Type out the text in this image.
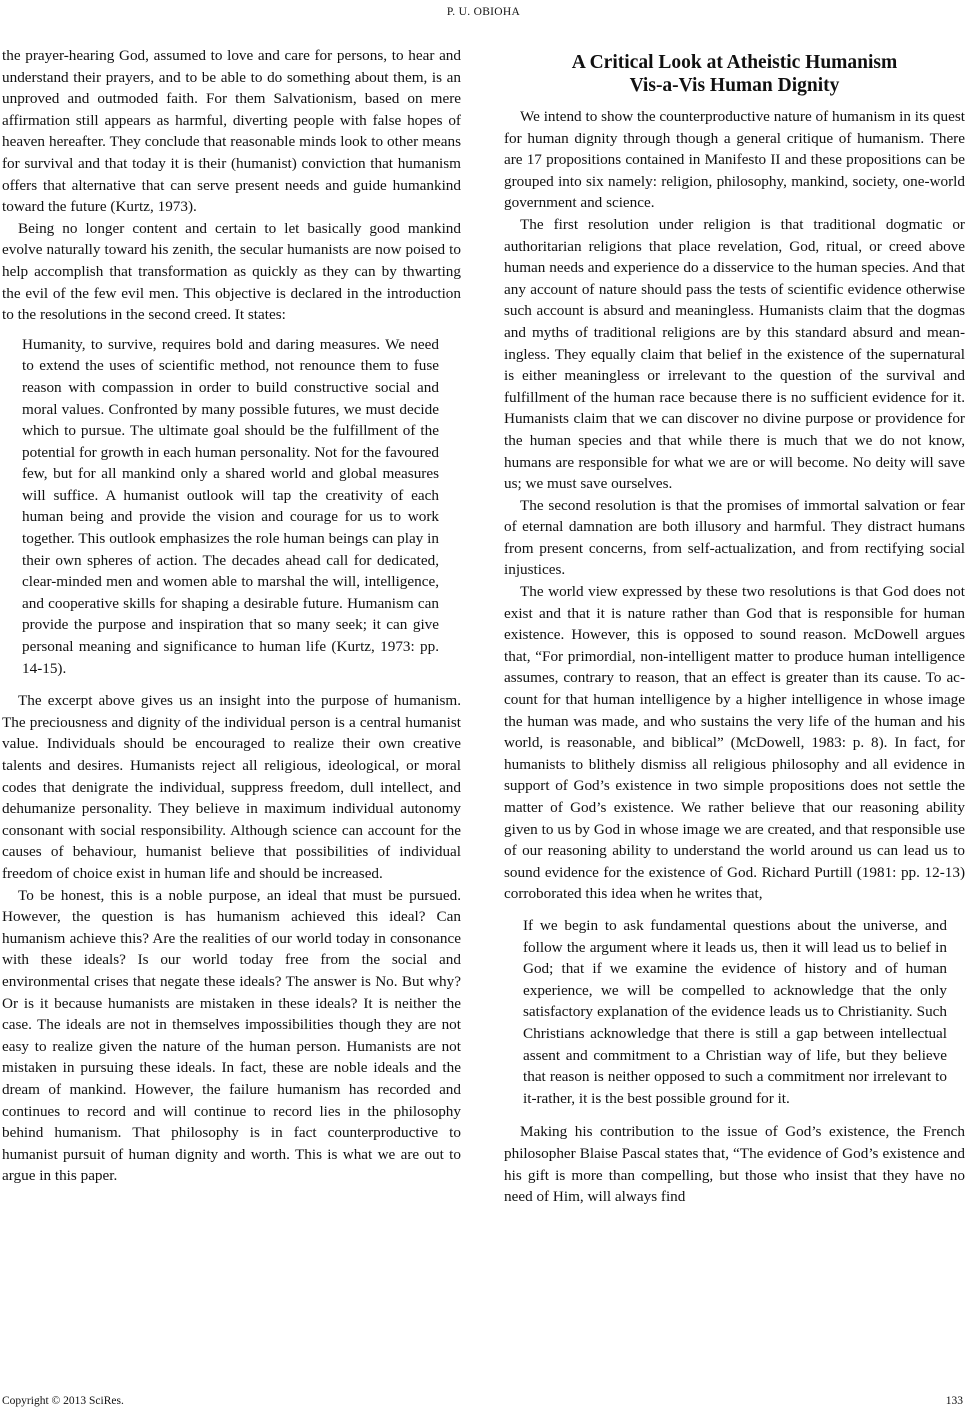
P. U. OBIOHA

the prayer-hearing God, assumed to love and care for persons, to hear and understand their prayers, and to be able to do something about them, is an unproved and outmoded faith. For them Salvationism, based on mere affirmation still appears as harmful, diverting people with false hopes of heaven hereafter. They conclude that reasonable minds look to other means for survival and that today it is their (humanist) conviction that humanism offers that alternative that can serve present needs and guide humankind toward the future (Kurtz, 1973).

Being no longer content and certain to let basically good mankind evolve naturally toward his zenith, the secular humanists are now poised to help accomplish that transformation as quickly as they can by thwarting the evil of the few evil men. This objective is declared in the introduction to the resolutions in the second creed. It states:

Humanity, to survive, requires bold and daring measures. We need to extend the uses of scientific method, not renounce them to fuse reason with compassion in order to build constructive social and moral values. Confronted by many possible futures, we must decide which to pursue. The ultimate goal should be the fulfillment of the potential for growth in each human personality. Not for the favoured few, but for all mankind only a shared world and global measures will suffice. A humanist outlook will tap the creativity of each human being and provide the vision and courage for us to work together. This outlook emphasizes the role human beings can play in their own spheres of action. The decades ahead call for dedicated, clear-minded men and women able to marshal the will, intelligence, and cooperative skills for shaping a desirable future. Humanism can provide the purpose and inspiration that so many seek; it can give personal meaning and significance to human life (Kurtz, 1973: pp. 14-15).

The excerpt above gives us an insight into the purpose of humanism. The preciousness and dignity of the individual person is a central humanist value. Individuals should be encouraged to realize their own creative talents and desires. Humanists reject all religious, ideological, or moral codes that denigrate the individual, suppress freedom, dull intellect, and dehumanize personality. They believe in maximum individual autonomy consonant with social responsibility. Although science can account for the causes of behaviour, humanist believe that possibilities of individual freedom of choice exist in human life and should be increased.

To be honest, this is a noble purpose, an ideal that must be pursued. However, the question is has humanism achieved this ideal? Can humanism achieve this? Are the realities of our world today in consonance with these ideals? Is our world today free from the social and environmental crises that negate these ideals? The answer is No. But why? Or is it because humanists are mistaken in these ideals? It is neither the case. The ideals are not in themselves impossibilities though they are not easy to realize given the nature of the human person. Humanists are not mistaken in pursuing these ideals. In fact, these are noble ideals and the dream of mankind. However, the failure humanism has recorded and continues to record and will continue to record lies in the philosophy behind humanism. That philosophy is in fact counterproductive to humanist pursuit of human dignity and worth. This is what we are out to argue in this paper.

A Critical Look at Atheistic Humanism
Vis-a-Vis Human Dignity

We intend to show the counterproductive nature of humanism in its quest for human dignity through though a general critique of humanism. There are 17 propositions contained in Manifesto II and these propositions can be grouped into six namely: religion, philosophy, mankind, society, one-world government and science.

The first resolution under religion is that traditional dogmatic or authoritarian religions that place revelation, God, ritual, or creed above human needs and experience do a disservice to the human species. And that any account of nature should pass the tests of scientific evidence otherwise such account is absurd and meaningless. Humanists claim that the dogmas and myths of traditional religions are by this standard absurd and meaningless. They equally claim that belief in the existence of the supernatural is either meaningless or irrelevant to the question of the survival and fulfillment of the human race because there is no sufficient evidence for it. Humanists claim that we can discover no divine purpose or providence for the human species and that while there is much that we do not know, humans are responsible for what we are or will become. No deity will save us; we must save ourselves.

The second resolution is that the promises of immortal salvation or fear of eternal damnation are both illusory and harmful. They distract humans from present concerns, from self-actualization, and from rectifying social injustices.

The world view expressed by these two resolutions is that God does not exist and that it is nature rather than God that is responsible for human existence. However, this is opposed to sound reason. McDowell argues that, “For primordial, non-intelligent matter to produce human intelligence assumes, contrary to reason, that an effect is greater than its cause. To account for that human intelligence by a higher intelligence in whose image the human was made, and who sustains the very life of the human and his world, is reasonable, and biblical” (McDowell, 1983: p. 8). In fact, for humanists to blithely dismiss all religious philosophy and all evidence in support of God’s existence in two simple propositions does not settle the matter of God’s existence. We rather believe that our reasoning ability given to us by God in whose image we are created, and that responsible use of our reasoning ability to understand the world around us can lead us to sound evidence for the existence of God. Richard Purtill (1981: pp. 12-13) corroborated this idea when he writes that,

If we begin to ask fundamental questions about the universe, and follow the argument where it leads us, then it will lead us to belief in God; that if we examine the evidence of history and of human experience, we will be compelled to acknowledge that the only satisfactory explanation of the evidence leads us to Christianity. Such Christians acknowledge that there is still a gap between intellectual assent and commitment to a Christian way of life, but they believe that reason is neither opposed to such a commitment nor irrelevant to it-rather, it is the best possible ground for it.

Making his contribution to the issue of God’s existence, the French philosopher Blaise Pascal states that, “The evidence of God’s existence and his gift is more than compelling, but those who insist that they have no need of Him, will always find

Copyright © 2013 SciRes.	133
